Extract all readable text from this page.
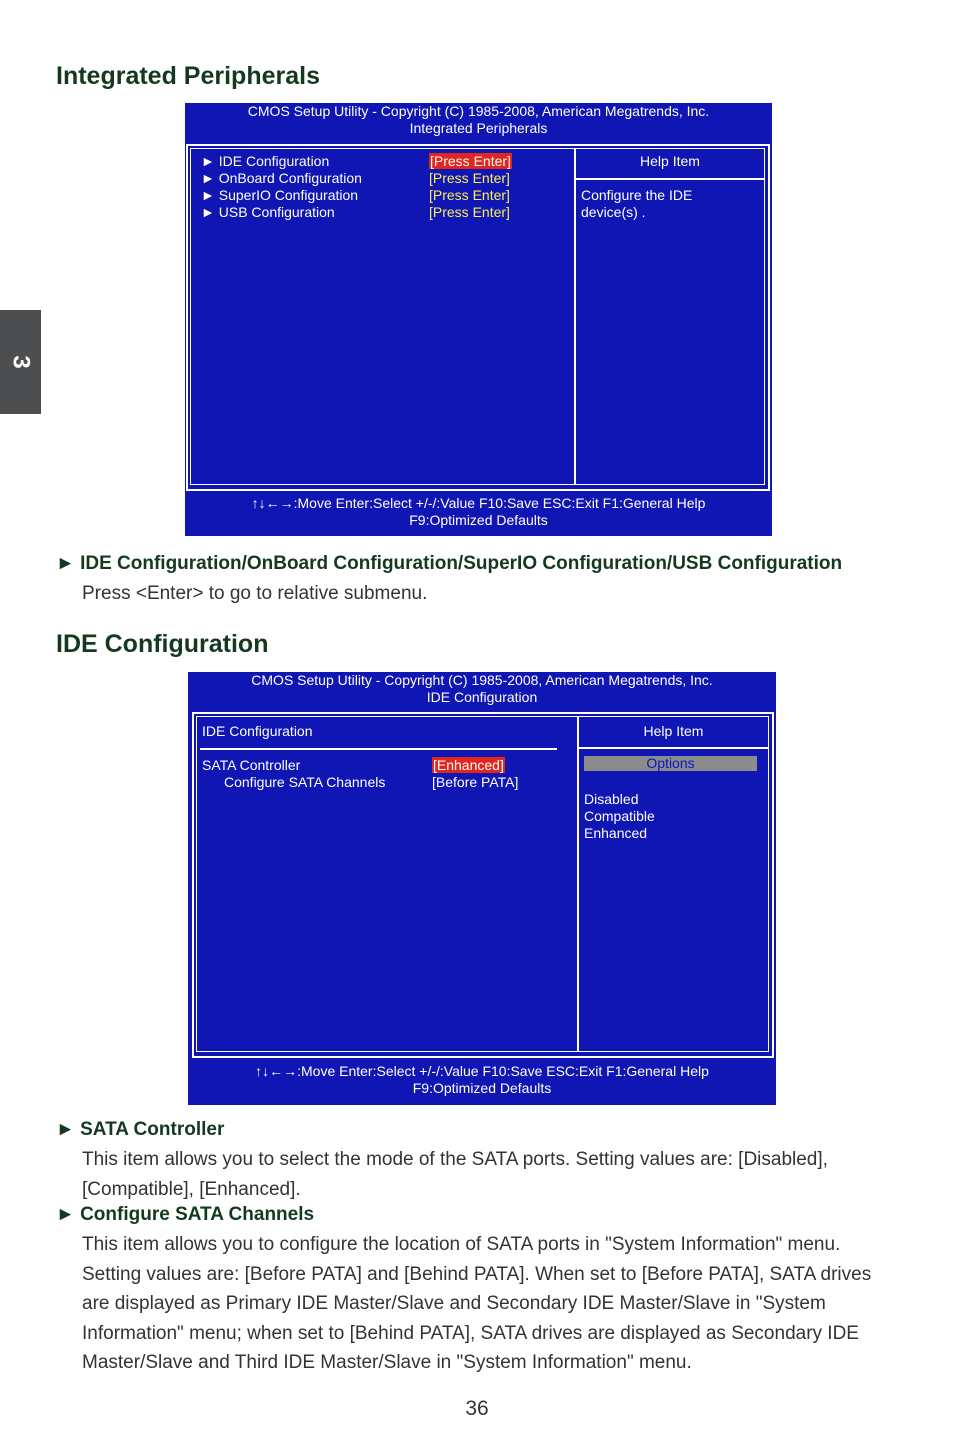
3
Integrated Peripherals
CMOS Setup Utility - Copyright (C) 1985-2008, American Megatrends, Inc.
Integrated Peripherals
► IDE Configuration	[Press Enter]
► OnBoard Configuration	[Press Enter]
► SuperIO Configuration	[Press Enter]
► USB Configuration	[Press Enter]
Help Item
Configure the IDE
device(s) .
↑↓←→:Move Enter:Select +/-/:Value F10:Save ESC:Exit F1:General Help
F9:Optimized Defaults
► IDE Configuration/OnBoard Configuration/SuperIO Configuration/USB Configuration
Press <Enter> to go to relative submenu.
IDE Configuration
CMOS Setup Utility - Copyright (C) 1985-2008, American Megatrends, Inc.
IDE Configuration
IDE Configuration
SATA Controller	[Enhanced]
Configure SATA Channels	[Before PATA]
Help Item
Options
Disabled
Compatible
Enhanced
↑↓←→:Move Enter:Select +/-/:Value F10:Save ESC:Exit F1:General Help
F9:Optimized Defaults
► SATA Controller
This item allows you to select the mode of the SATA ports. Setting values are: [Disabled], [Compatible], [Enhanced].
► Configure SATA Channels
This item allows you to configure the location of SATA ports in "System Information" menu. Setting values are: [Before PATA] and [Behind PATA]. When set to [Before PATA], SATA drives are displayed as Primary IDE Master/Slave and Secondary IDE Master/Slave in "System Information" menu; when set to [Behind PATA], SATA drives are displayed as Secondary IDE Master/Slave and Third IDE Master/Slave in "System Information" menu.
36
